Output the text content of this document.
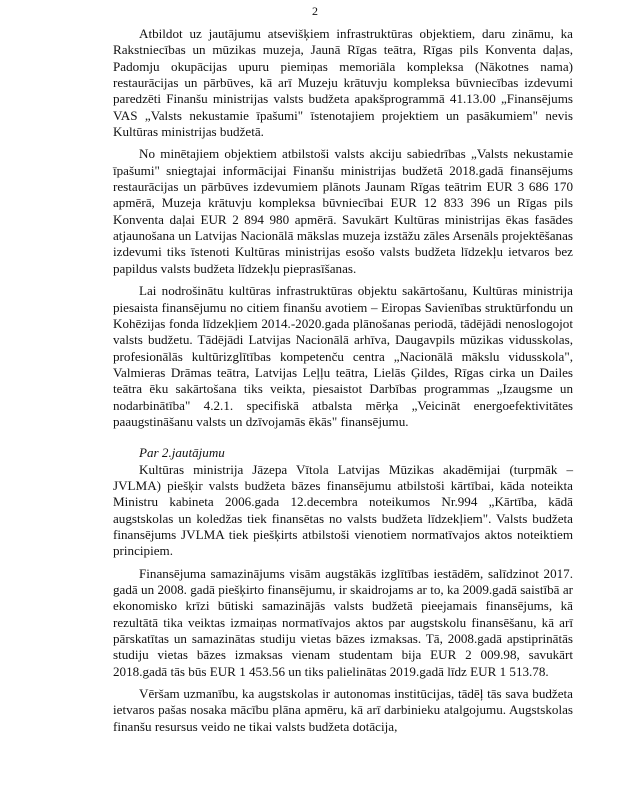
2

Atbildot uz jautājumu atsevišķiem infrastruktūras objektiem, daru zināmu, ka Rakstniecības un mūzikas muzeja, Jaunā Rīgas teātra, Rīgas pils Konventa daļas, Padomju okupācijas upuru piemiņas memoriāla kompleksa (Nākotnes nama) restaurācijas un pārbūves, kā arī Muzeju krātuvju kompleksa būvniecības izdevumi paredzēti Finanšu ministrijas valsts budžeta apakšprogrammā 41.13.00 „Finansējums VAS „Valsts nekustamie īpašumi" īstenotajiem projektiem un pasākumiem" nevis Kultūras ministrijas budžetā.

No minētajiem objektiem atbilstoši valsts akciju sabiedrības „Valsts nekustamie īpašumi" sniegtajai informācijai Finanšu ministrijas budžetā 2018.gadā finansējums restaurācijas un pārbūves izdevumiem plānots Jaunam Rīgas teātrim EUR 3 686 170 apmērā, Muzeja krātuvju kompleksa būvniecībai EUR 12 833 396 un Rīgas pils Konventa daļai EUR 2 894 980 apmērā. Savukārt Kultūras ministrijas ēkas fasādes atjaunošana un Latvijas Nacionālā mākslas muzeja izstāžu zāles Arsenāls projektēšanas izdevumi tiks īstenoti Kultūras ministrijas esošo valsts budžeta līdzekļu ietvaros bez papildus valsts budžeta līdzekļu pieprasīšanas.

Lai nodrošinātu kultūras infrastruktūras objektu sakārtošanu, Kultūras ministrija piesaista finansējumu no citiem finanšu avotiem – Eiropas Savienības struktūrfondu un Kohēzijas fonda līdzekļiem 2014.-2020.gada plānošanas periodā, tādējādi nenoslogojot valsts budžetu. Tādējādi Latvijas Nacionālā arhīva, Daugavpils mūzikas vidusskolas, profesionālās kultūrizglītības kompetenču centra „Nacionālā mākslu vidusskola", Valmieras Drāmas teātra, Latvijas Leļļu teātra, Lielās Ģildes, Rīgas cirka un Dailes teātra ēku sakārtošana tiks veikta, piesaistot Darbības programmas „Izaugsme un nodarbinātība" 4.2.1. specifiskā atbalsta mērķa „Veicināt energoefektivitātes paaugstināšanu valsts un dzīvojamās ēkās" finansējumu.

Par 2.jautājumu

Kultūras ministrija Jāzepa Vītola Latvijas Mūzikas akadēmijai (turpmāk – JVLMA) piešķir valsts budžeta bāzes finansējumu atbilstoši kārtībai, kāda noteikta Ministru kabineta 2006.gada 12.decembra noteikumos Nr.994 „Kārtība, kādā augstskolas un koledžas tiek finansētas no valsts budžeta līdzekļiem". Valsts budžeta finansējums JVLMA tiek piešķirts atbilstoši vienotiem normatīvajos aktos noteiktiem principiem.

Finansējuma samazinājums visām augstākās izglītības iestādēm, salīdzinot 2017. gadā un 2008. gadā piešķirto finansējumu, ir skaidrojams ar to, ka 2009.gadā saistībā ar ekonomisko krīzi būtiski samazinājās valsts budžetā pieejamais finansējums, kā rezultātā tika veiktas izmaiņas normatīvajos aktos par augstskolu finansēšanu, kā arī pārskatītas un samazinātas studiju vietas bāzes izmaksas. Tā, 2008.gadā apstiprinātās studiju vietas bāzes izmaksas vienam studentam bija EUR 2 009.98, savukārt 2018.gadā tās būs EUR 1 453.56 un tiks palielinātas 2019.gadā līdz EUR 1 513.78.

Vēršam uzmanību, ka augstskolas ir autonomas institūcijas, tādēļ tās sava budžeta ietvaros pašas nosaka mācību plāna apmēru, kā arī darbinieku atalgojumu. Augstskolas finanšu resursus veido ne tikai valsts budžeta dotācija,
